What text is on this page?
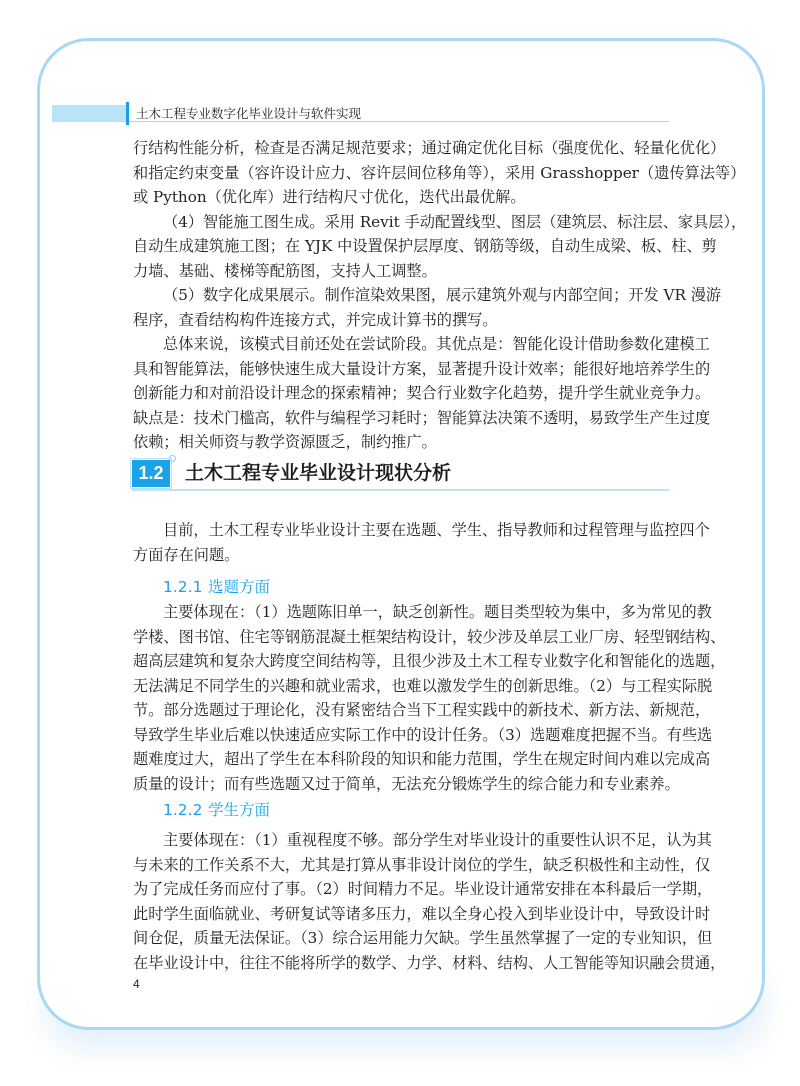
土木工程专业数字化毕业设计与软件实现
行结构性能分析，检查是否满足规范要求；通过确定优化目标（强度优化、轻量化优化）
和指定约束变量（容许设计应力、容许层间位移角等），采用 Grasshopper（遗传算法等）
或 Python（优化库）进行结构尺寸优化，迭代出最优解。
（4）智能施工图生成。采用 Revit 手动配置线型、图层（建筑层、标注层、家具层），
自动生成建筑施工图；在 YJK 中设置保护层厚度、钢筋等级，自动生成梁、板、柱、剪
力墙、基础、楼梯等配筋图，支持人工调整。
（5）数字化成果展示。制作渲染效果图，展示建筑外观与内部空间；开发 VR 漫游
程序，查看结构构件连接方式，并完成计算书的撰写。
总体来说，该模式目前还处在尝试阶段。其优点是：智能化设计借助参数化建模工
具和智能算法，能够快速生成大量设计方案，显著提升设计效率；能很好地培养学生的
创新能力和对前沿设计理念的探索精神；契合行业数字化趋势，提升学生就业竞争力。
缺点是：技术门槛高，软件与编程学习耗时；智能算法决策不透明，易致学生产生过度
依赖；相关师资与教学资源匮乏，制约推广。
1.2	土木工程专业毕业设计现状分析
目前，土木工程专业毕业设计主要在选题、学生、指导教师和过程管理与监控四个
方面存在问题。
1.2.1 选题方面
主要体现在：（1）选题陈旧单一，缺乏创新性。题目类型较为集中，多为常见的教
学楼、图书馆、住宅等钢筋混凝土框架结构设计，较少涉及单层工业厂房、轻型钢结构、
超高层建筑和复杂大跨度空间结构等，且很少涉及土木工程专业数字化和智能化的选题，
无法满足不同学生的兴趣和就业需求，也难以激发学生的创新思维。（2）与工程实际脱
节。部分选题过于理论化，没有紧密结合当下工程实践中的新技术、新方法、新规范，
导致学生毕业后难以快速适应实际工作中的设计任务。（3）选题难度把握不当。有些选
题难度过大，超出了学生在本科阶段的知识和能力范围，学生在规定时间内难以完成高
质量的设计；而有些选题又过于简单，无法充分锻炼学生的综合能力和专业素养。
1.2.2 学生方面
主要体现在：（1）重视程度不够。部分学生对毕业设计的重要性认识不足，认为其
与未来的工作关系不大，尤其是打算从事非设计岗位的学生，缺乏积极性和主动性，仅
为了完成任务而应付了事。（2）时间精力不足。毕业设计通常安排在本科最后一学期，
此时学生面临就业、考研复试等诸多压力，难以全身心投入到毕业设计中，导致设计时
间仓促，质量无法保证。（3）综合运用能力欠缺。学生虽然掌握了一定的专业知识，但
在毕业设计中，往往不能将所学的数学、力学、材料、结构、人工智能等知识融会贯通，
4
